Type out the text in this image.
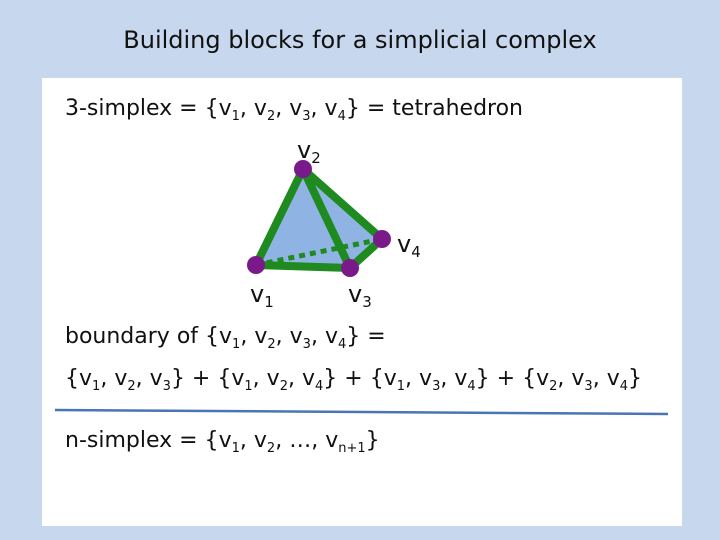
Building blocks for a simplicial complex
3-simplex = {$v_1$, $v_2$, $v_3$, $v_4$} = tetrahedron
$v_2$
$v_4$
$v_1$	$v_3$
boundary of {$v_1$, $v_2$, $v_3$, $v_4$} =
{$v_1$, $v_2$, $v_3\} + \{v_1$, $v_2$, $v_4\} + \{v_1$, $v_3$, $v_4\} + \{v_2$, $v_3$, $v_4$}
n-simplex = {$v_1$, $v_2$, …, $v_{n+1}$}
